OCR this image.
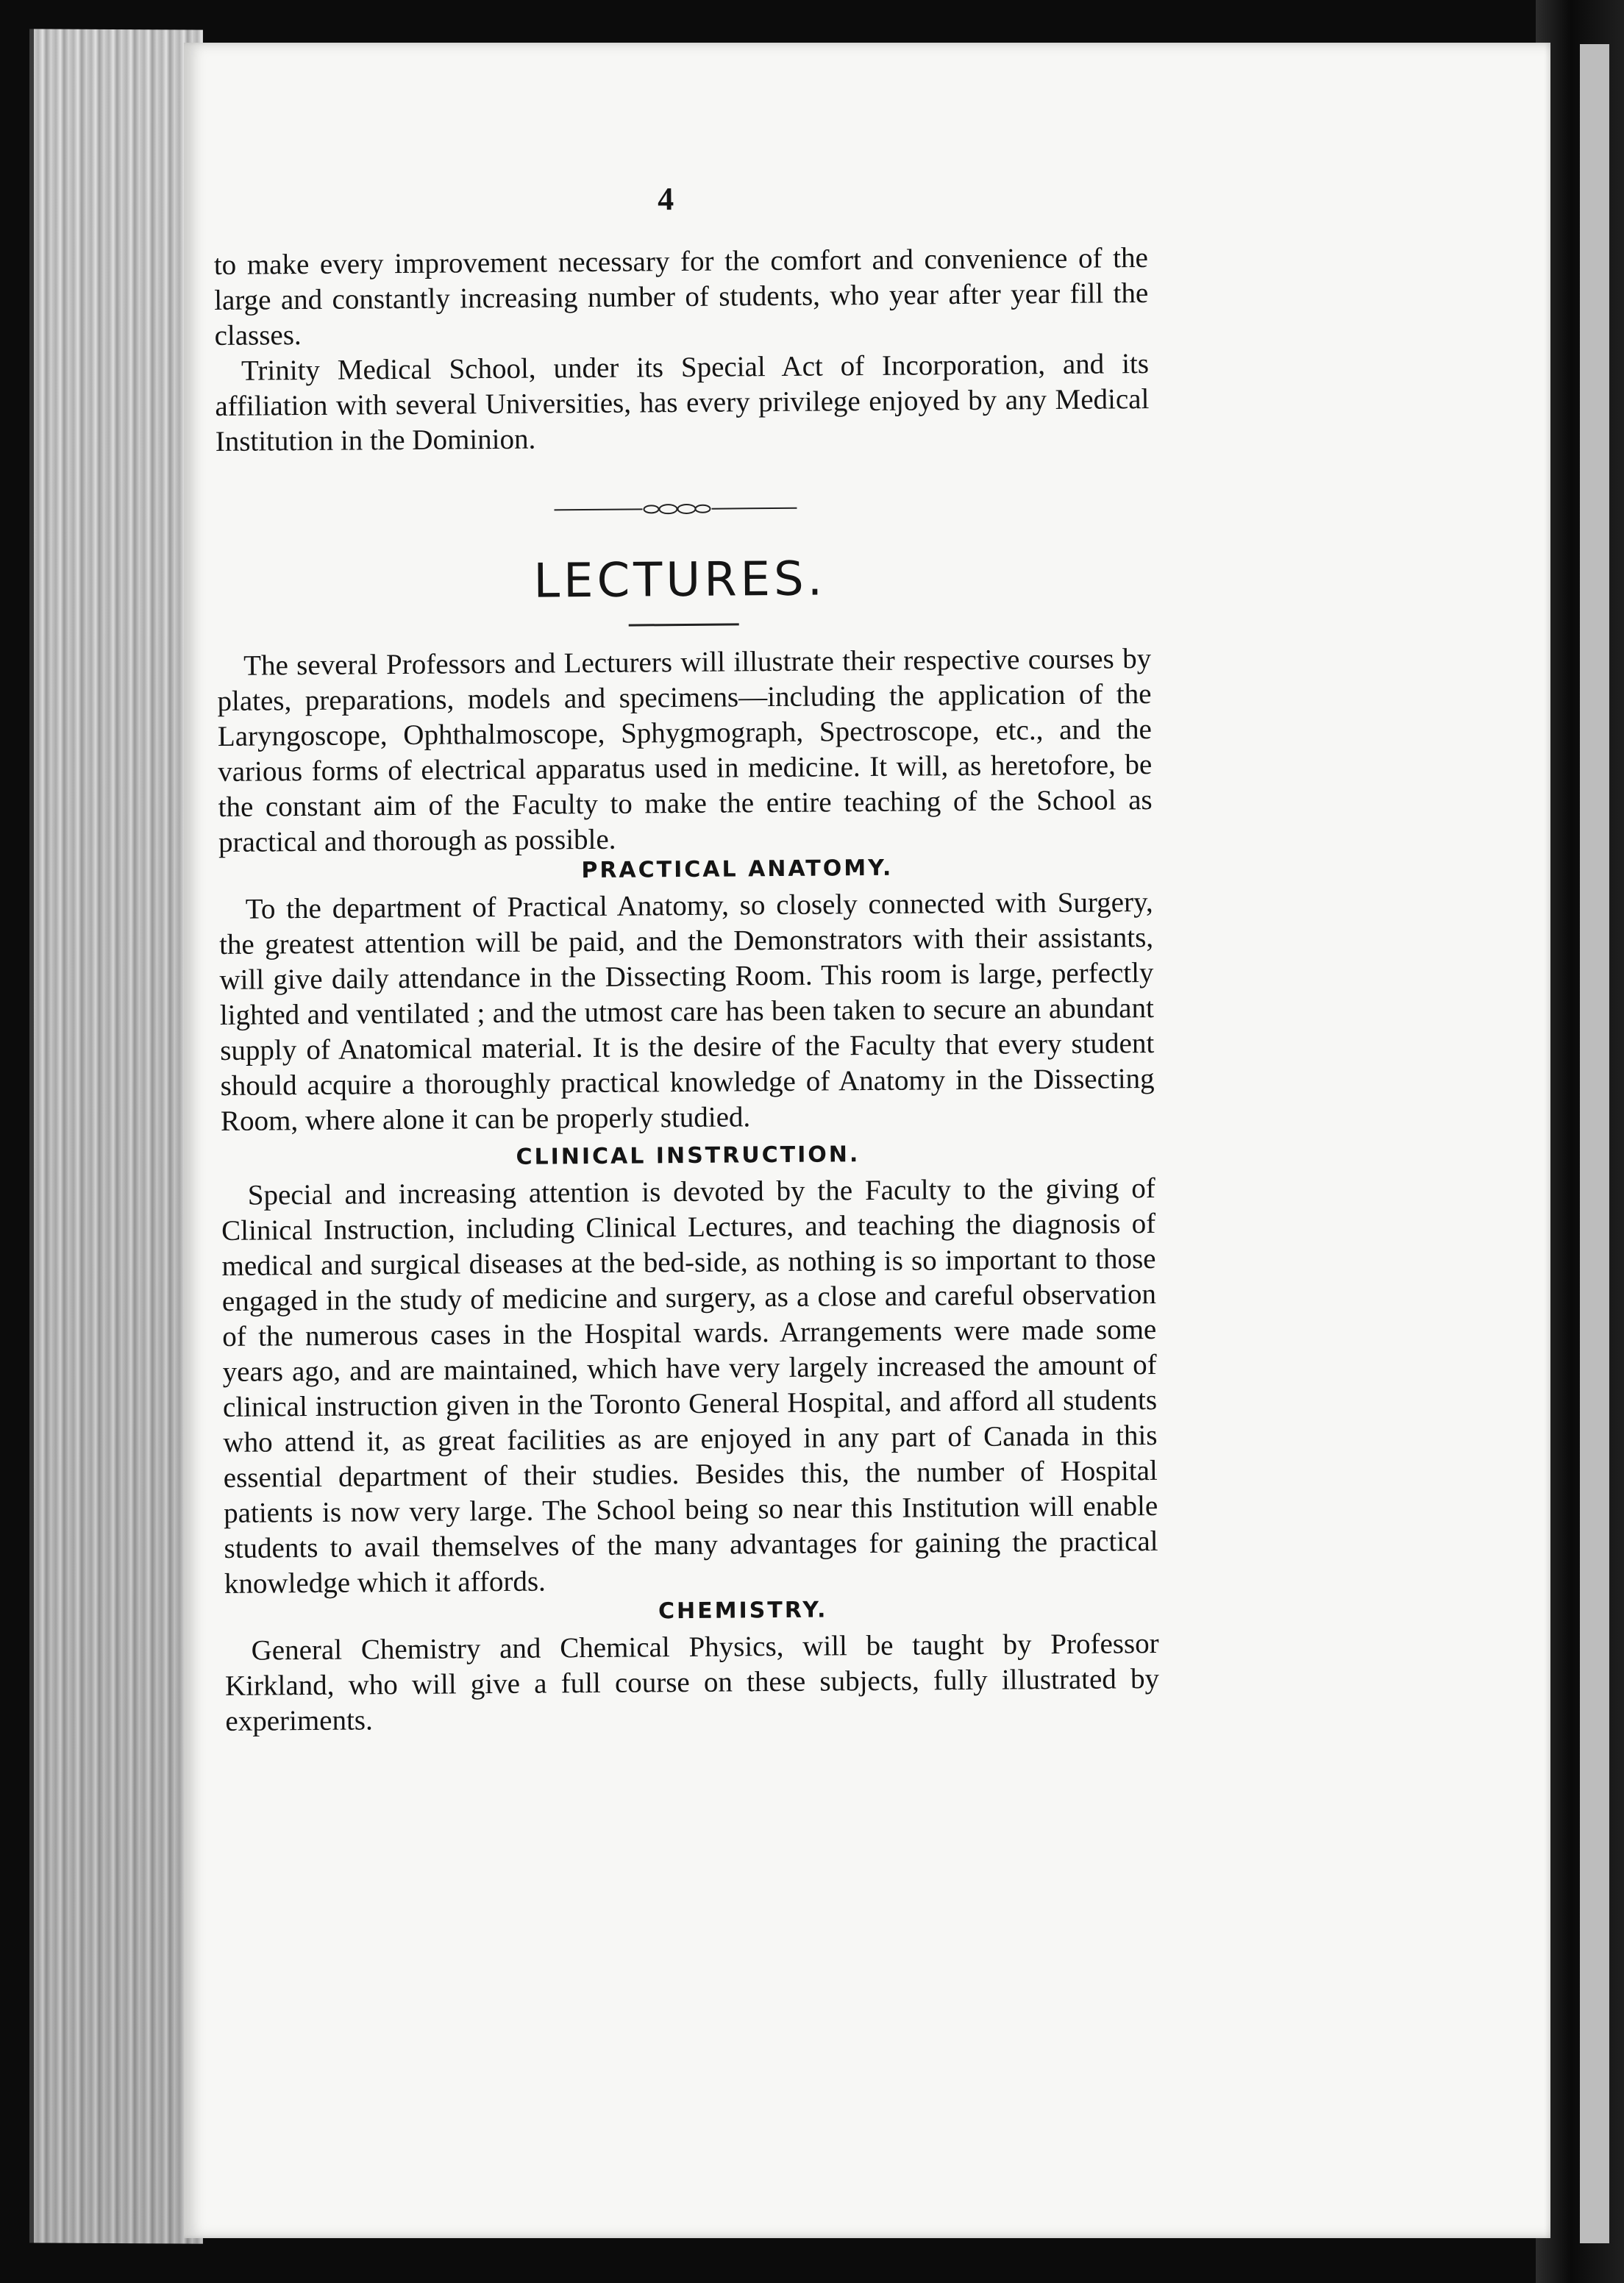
4

to make every improvement necessary for the comfort and convenience of the large and constantly increasing number of students, who year after year fill the classes.

Trinity Medical School, under its Special Act of Incorporation, and its affiliation with several Universities, has every privilege enjoyed by any Medical Institution in the Dominion.

LECTURES.

The several Professors and Lecturers will illustrate their respective courses by plates, preparations, models and specimens—including the application of the Laryngoscope, Ophthalmoscope, Sphygmograph, Spectroscope, etc., and the various forms of electrical apparatus used in medicine. It will, as heretofore, be the constant aim of the Faculty to make the entire teaching of the School as practical and thorough as possible.

PRACTICAL ANATOMY.

To the department of Practical Anatomy, so closely connected with Surgery, the greatest attention will be paid, and the Demonstrators with their assistants, will give daily attendance in the Dissecting Room. This room is large, perfectly lighted and ventilated ; and the utmost care has been taken to secure an abundant supply of Anatomical material. It is the desire of the Faculty that every student should acquire a thoroughly practical knowledge of Anatomy in the Dissecting Room, where alone it can be properly studied.

CLINICAL INSTRUCTION.

Special and increasing attention is devoted by the Faculty to the giving of Clinical Instruction, including Clinical Lectures, and teaching the diagnosis of medical and surgical diseases at the bed-side, as nothing is so important to those engaged in the study of medicine and surgery, as a close and careful observation of the numerous cases in the Hospital wards. Arrangements were made some years ago, and are maintained, which have very largely increased the amount of clinical instruction given in the Toronto General Hospital, and afford all students who attend it, as great facilities as are enjoyed in any part of Canada in this essential department of their studies. Besides this, the number of Hospital patients is now very large. The School being so near this Institution will enable students to avail themselves of the many advantages for gaining the practical knowledge which it affords.

CHEMISTRY.

General Chemistry and Chemical Physics, will be taught by Professor Kirkland, who will give a full course on these subjects, fully illustrated by experiments.
